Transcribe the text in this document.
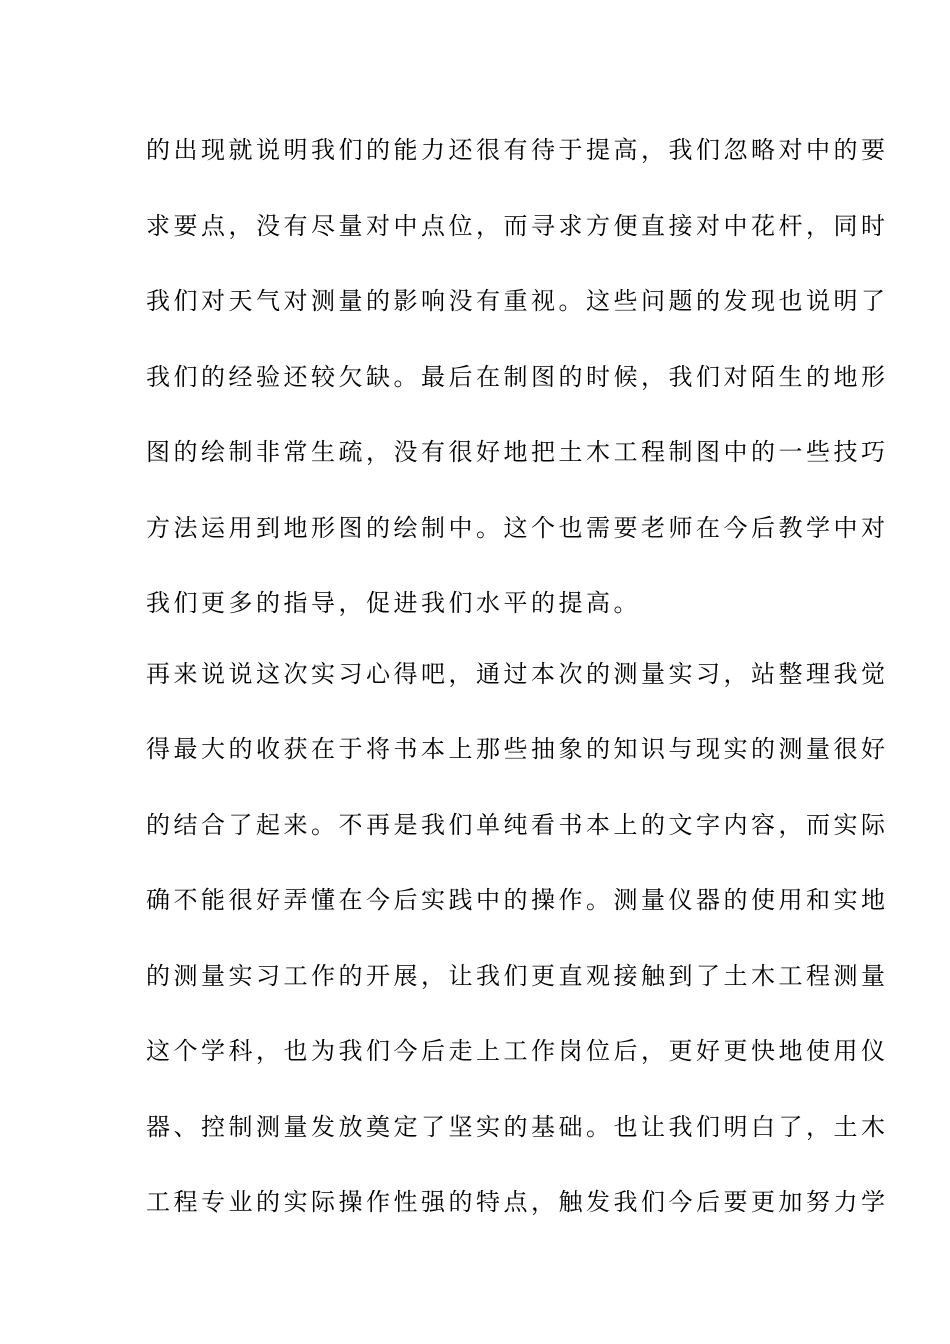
的出现就说明我们的能力还很有待于提高，我们忽略对中的要
求要点，没有尽量对中点位，而寻求方便直接对中花杆，同时
我们对天气对测量的影响没有重视。这些问题的发现也说明了
我们的经验还较欠缺。最后在制图的时候，我们对陌生的地形
图的绘制非常生疏，没有很好地把土木工程制图中的一些技巧
方法运用到地形图的绘制中。这个也需要老师在今后教学中对
我们更多的指导，促进我们水平的提高。
再来说说这次实习心得吧，通过本次的测量实习，站整理我觉
得最大的收获在于将书本上那些抽象的知识与现实的测量很好
的结合了起来。不再是我们单纯看书本上的文字内容，而实际
确不能很好弄懂在今后实践中的操作。测量仪器的使用和实地
的测量实习工作的开展，让我们更直观接触到了土木工程测量
这个学科，也为我们今后走上工作岗位后，更好更快地使用仪
器、控制测量发放奠定了坚实的基础。也让我们明白了，土木
工程专业的实际操作性强的特点，触发我们今后要更加努力学
